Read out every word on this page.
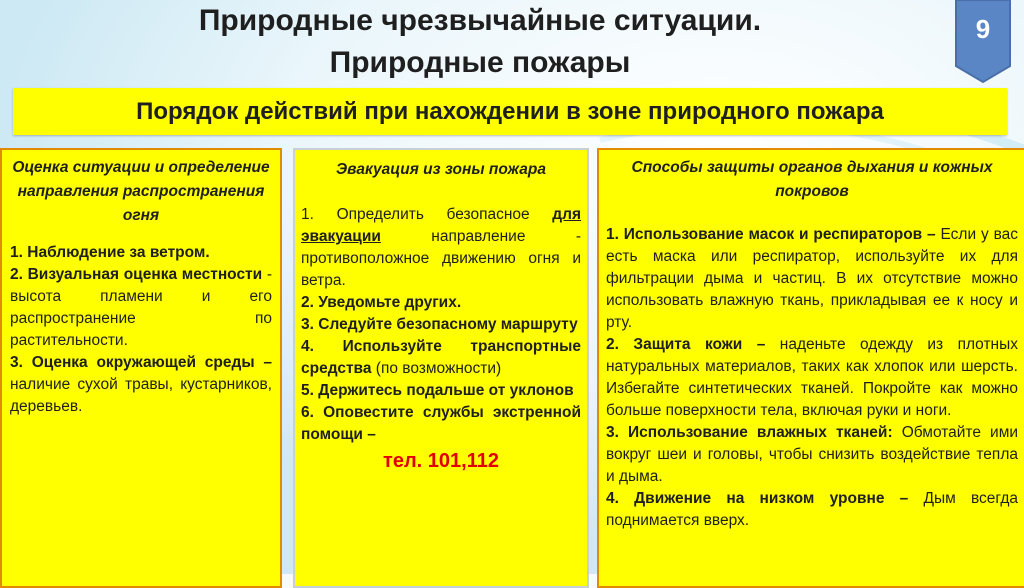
Природные чрезвычайные ситуации.
Природные пожары
9
Порядок действий при нахождении в зоне природного пожара
Оценка ситуации и определение направления распространения огня

1. Наблюдение за ветром.

2. Визуальная оценка местности - высота пламени и его распространение по растительности.

3. Оценка окружающей среды – наличие сухой травы, кустарников, деревьев.

Эвакуация из зоны пожара

1. Определить безопасное для эвакуации направление - противоположное движению огня и ветра.

2. Уведомьте других.

3. Следуйте безопасному маршруту

4. Используйте транспортные средства (по возможности)

5. Держитесь подальше от уклонов

6. Оповестите службы экстренной помощи –

тел. 101,112
Способы защиты органов дыхания и кожных покровов

1. Использование масок и респираторов – Если у вас есть маска или респиратор, используйте их для фильтрации дыма и частиц. В их отсутствие можно использовать влажную ткань, прикладывая ее к носу и рту.

2. Защита кожи – наденьте одежду из плотных натуральных материалов, таких как хлопок или шерсть. Избегайте синтетических тканей. Покройте как можно больше поверхности тела, включая руки и ноги.

3. Использование влажных тканей: Обмотайте ими вокруг шеи и головы, чтобы снизить воздействие тепла и дыма.

4. Движение на низком уровне – Дым всегда поднимается вверх.
